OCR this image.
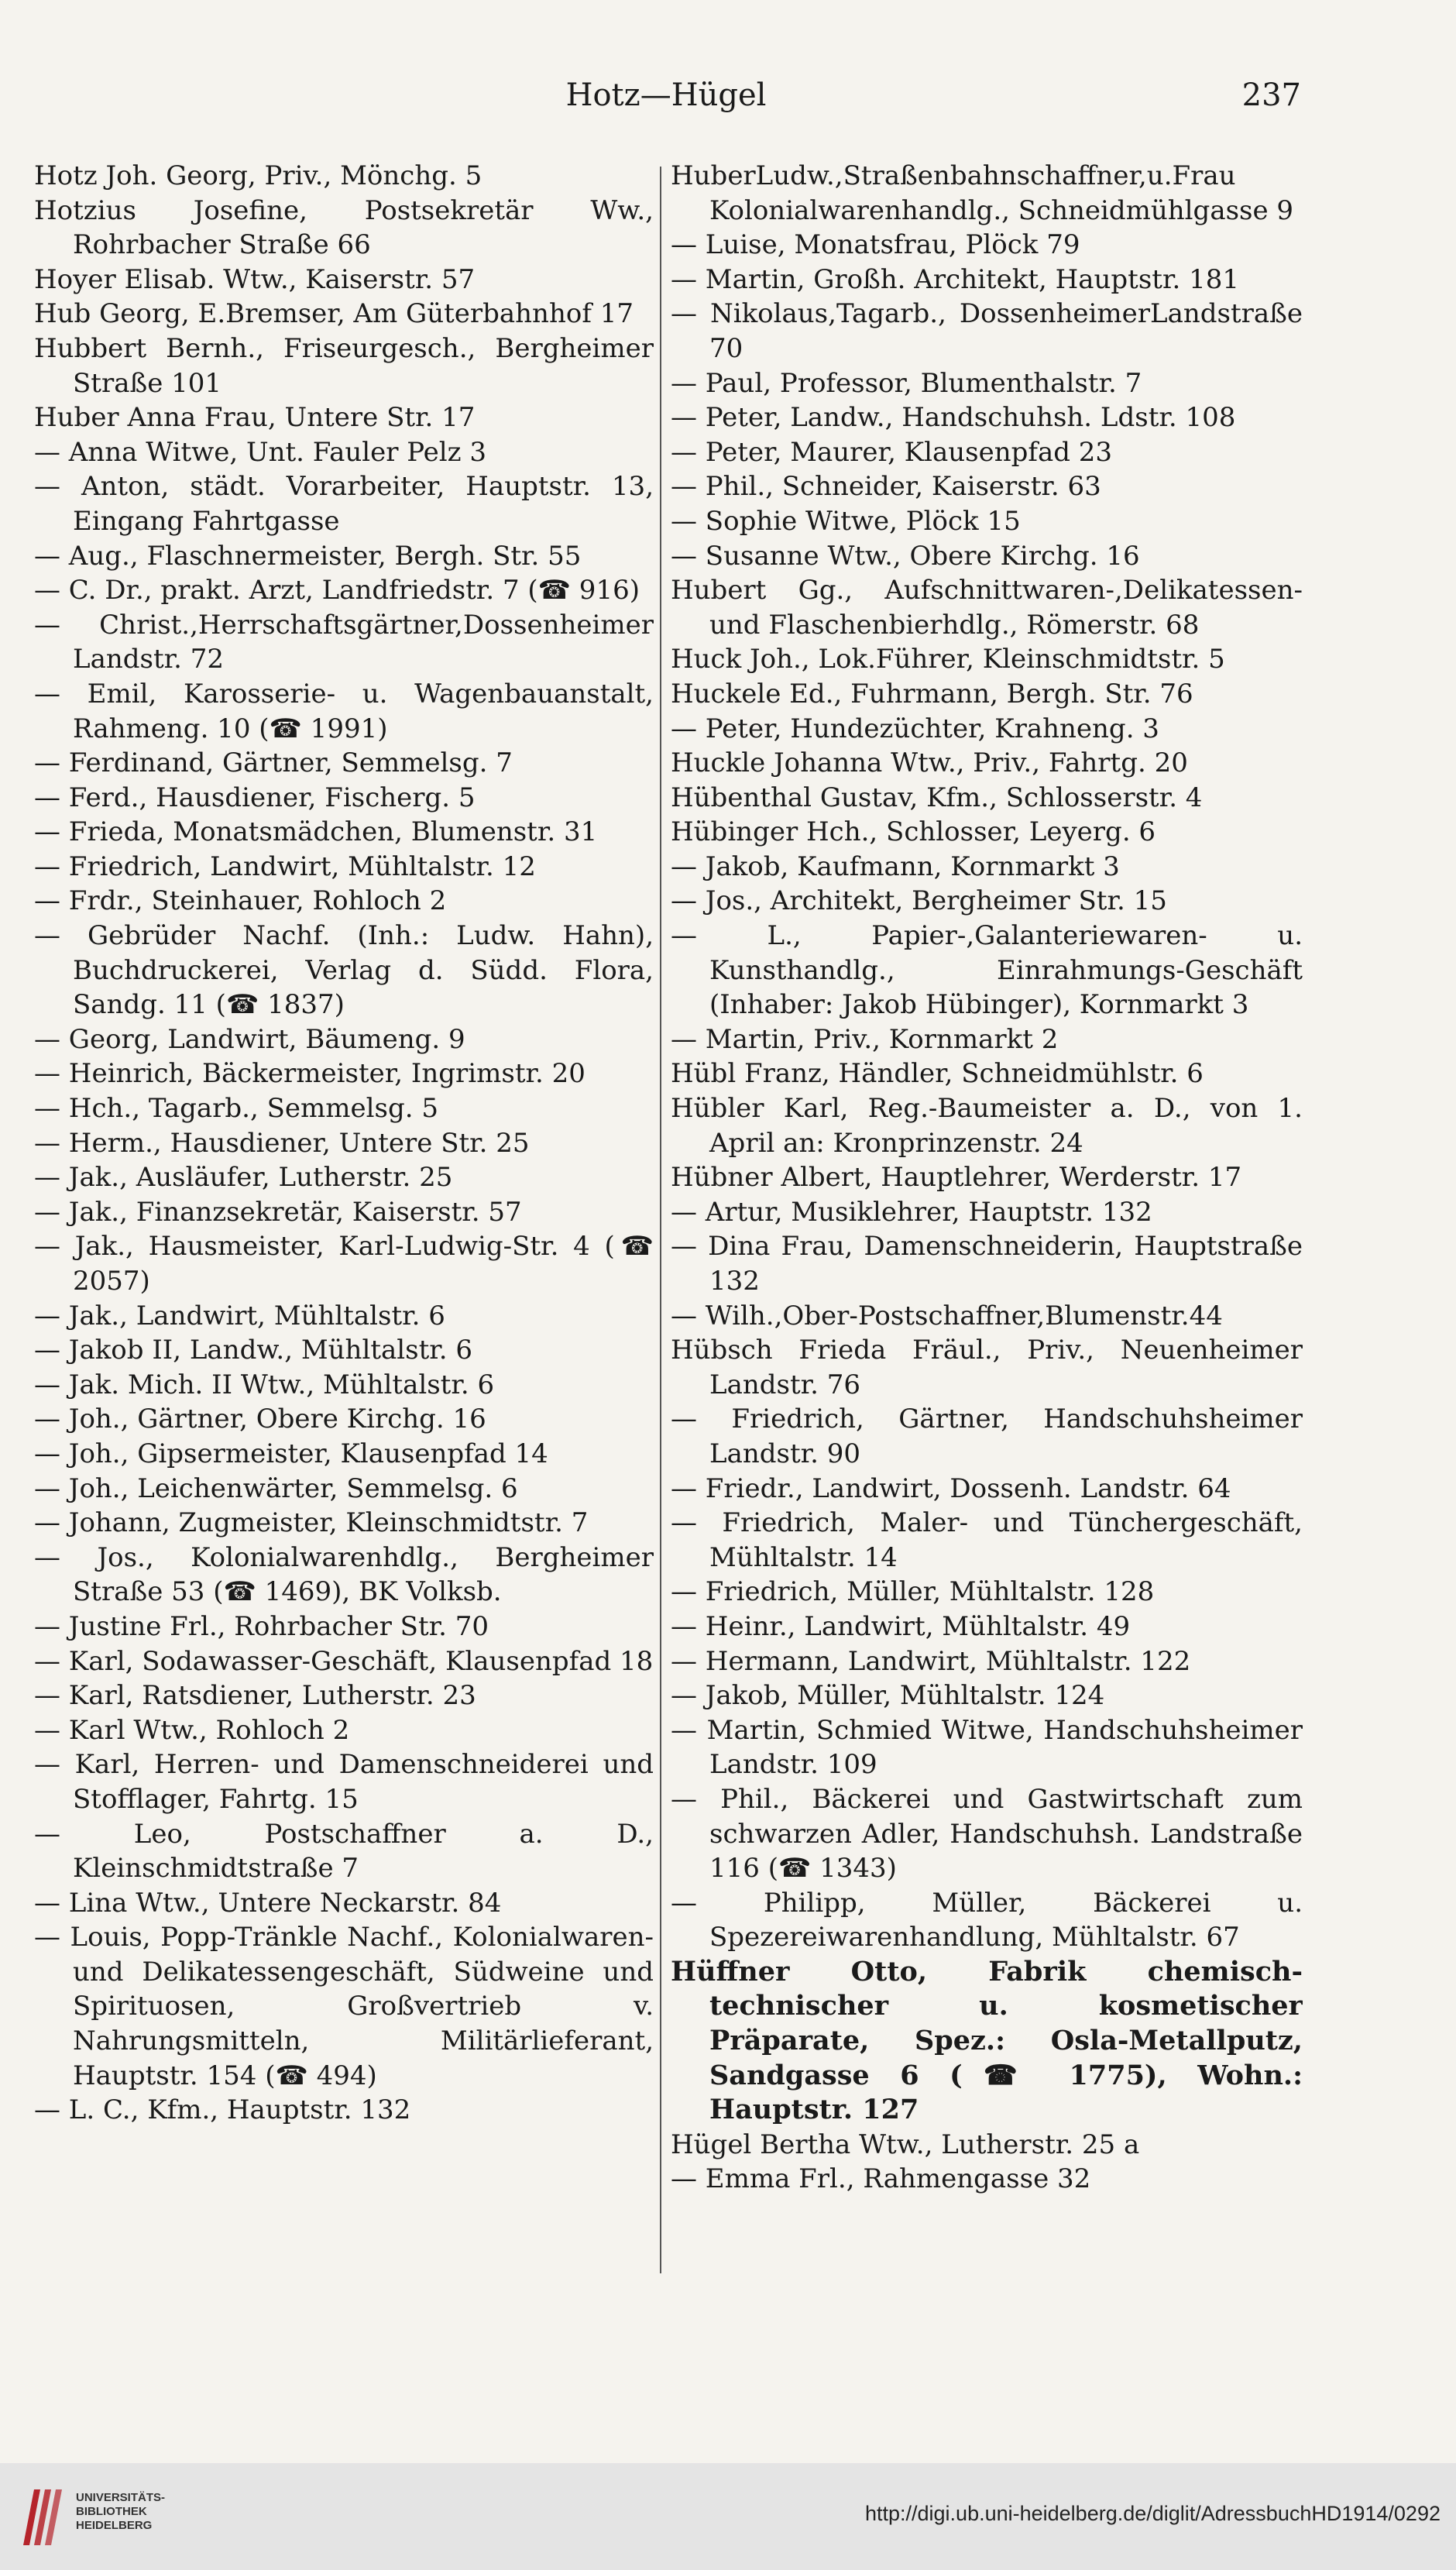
Hotz—Hügel	237
Hotz Joh. Georg, Priv., Mönchg. 5
Hotzius Josefine, Postsekretär Ww., Rohrbacher Straße 66
Hoyer Elisab. Wtw., Kaiserstr. 57
Hub Georg, E.Bremser, Am Güterbahnhof 17
Hubbert Bernh., Friseurgesch., Bergheimer Straße 101
Huber Anna Frau, Untere Str. 17
— Anna Witwe, Unt. Fauler Pelz 3
— Anton, städt. Vorarbeiter, Hauptstr. 13, Eingang Fahrtgasse
— Aug., Flaschnermeister, Bergh. Str. 55
— C. Dr., prakt. Arzt, Landfriedstr. 7 (☎ 916)
— Christ.,Herrschaftsgärtner,Dossenheimer Landstr. 72
— Emil, Karosserie- u. Wagenbauanstalt, Rahmeng. 10 (☎ 1991)
— Ferdinand, Gärtner, Semmelsg. 7
— Ferd., Hausdiener, Fischerg. 5
— Frieda, Monatsmädchen, Blumenstr. 31
— Friedrich, Landwirt, Mühltalstr. 12
— Frdr., Steinhauer, Rohloch 2
— Gebrüder Nachf. (Inh.: Ludw. Hahn), Buchdruckerei, Verlag d. Südd. Flora, Sandg. 11 (☎ 1837)
— Georg, Landwirt, Bäumeng. 9
— Heinrich, Bäckermeister, Ingrimstr. 20
— Hch., Tagarb., Semmelsg. 5
— Herm., Hausdiener, Untere Str. 25
— Jak., Ausläufer, Lutherstr. 25
— Jak., Finanzsekretär, Kaiserstr. 57
— Jak., Hausmeister, Karl-Ludwig-Str. 4 (☎ 2057)
— Jak., Landwirt, Mühltalstr. 6
— Jakob II, Landw., Mühltalstr. 6
— Jak. Mich. II Wtw., Mühltalstr. 6
— Joh., Gärtner, Obere Kirchg. 16
— Joh., Gipsermeister, Klausenpfad 14
— Joh., Leichenwärter, Semmelsg. 6
— Johann, Zugmeister, Kleinschmidtstr. 7
— Jos., Kolonialwarenhdlg., Bergheimer Straße 53 (☎ 1469), BK Volksb.
— Justine Frl., Rohrbacher Str. 70
— Karl, Sodawasser-Geschäft, Klausenpfad 18
— Karl, Ratsdiener, Lutherstr. 23
— Karl Wtw., Rohloch 2
— Karl, Herren- und Damenschneiderei und Stofflager, Fahrtg. 15
— Leo, Postschaffner a. D., Kleinschmidtstraße 7
— Lina Wtw., Untere Neckarstr. 84
— Louis, Popp-Tränkle Nachf., Kolonialwaren- und Delikatessengeschäft, Südweine und Spirituosen, Großvertrieb v. Nahrungsmitteln, Militärlieferant, Hauptstr. 154 (☎ 494)
— L. C., Kfm., Hauptstr. 132
HuberLudw.,Straßenbahnschaffner,u.Frau Kolonialwarenhandlg., Schneidmühlgasse 9
— Luise, Monatsfrau, Plöck 79
— Martin, Großh. Architekt, Hauptstr. 181
— Nikolaus,Tagarb., DossenheimerLandstraße 70
— Paul, Professor, Blumenthalstr. 7
— Peter, Landw., Handschuhsh. Ldstr. 108
— Peter, Maurer, Klausenpfad 23
— Phil., Schneider, Kaiserstr. 63
— Sophie Witwe, Plöck 15
— Susanne Wtw., Obere Kirchg. 16
Hubert Gg., Aufschnittwaren-,Delikatessen- und Flaschenbierhdlg., Römerstr. 68
Huck Joh., Lok.Führer, Kleinschmidtstr. 5
Huckele Ed., Fuhrmann, Bergh. Str. 76
— Peter, Hundezüchter, Krahneng. 3
Huckle Johanna Wtw., Priv., Fahrtg. 20
Hübenthal Gustav, Kfm., Schlosserstr. 4
Hübinger Hch., Schlosser, Leyerg. 6
— Jakob, Kaufmann, Kornmarkt 3
— Jos., Architekt, Bergheimer Str. 15
— L., Papier-,Galanteriewaren- u. Kunsthandlg., Einrahmungs-Geschäft (Inhaber: Jakob Hübinger), Kornmarkt 3
— Martin, Priv., Kornmarkt 2
Hübl Franz, Händler, Schneidmühlstr. 6
Hübler Karl, Reg.-Baumeister a. D., von 1. April an: Kronprinzenstr. 24
Hübner Albert, Hauptlehrer, Werderstr. 17
— Artur, Musiklehrer, Hauptstr. 132
— Dina Frau, Damenschneiderin, Hauptstraße 132
— Wilh.,Ober-Postschaffner,Blumenstr.44
Hübsch Frieda Fräul., Priv., Neuenheimer Landstr. 76
— Friedrich, Gärtner, Handschuhsheimer Landstr. 90
— Friedr., Landwirt, Dossenh. Landstr. 64
— Friedrich, Maler- und Tünchergeschäft, Mühltalstr. 14
— Friedrich, Müller, Mühltalstr. 128
— Heinr., Landwirt, Mühltalstr. 49
— Hermann, Landwirt, Mühltalstr. 122
— Jakob, Müller, Mühltalstr. 124
— Martin, Schmied Witwe, Handschuhsheimer Landstr. 109
— Phil., Bäckerei und Gastwirtschaft zum schwarzen Adler, Handschuhsh. Landstraße 116 (☎ 1343)
— Philipp, Müller, Bäckerei u. Spezereiwarenhandlung, Mühltalstr. 67
Hüffner Otto, Fabrik chemisch-technischer u. kosmetischer Präparate, Spez.: Osla-Metallputz, Sandgasse 6 (☎ 1775), Wohn.: Hauptstr. 127
Hügel Bertha Wtw., Lutherstr. 25 a
— Emma Frl., Rahmengasse 32
UNIVERSITÄTS-
BIBLIOTHEK
HEIDELBERG
http://digi.ub.uni-heidelberg.de/diglit/AdressbuchHD1914/0292
